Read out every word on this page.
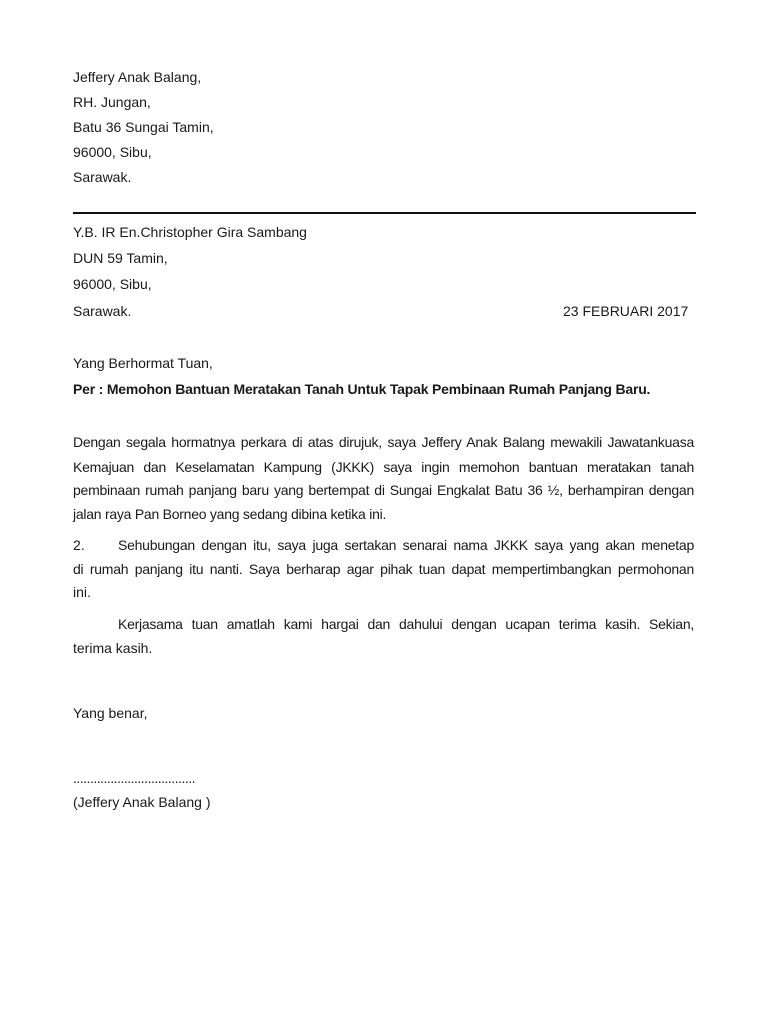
Jeffery Anak Balang,
RH. Jungan,
Batu 36 Sungai Tamin,
96000, Sibu,
Sarawak.
Y.B. IR En.Christopher Gira Sambang
DUN 59 Tamin,
96000, Sibu,
Sarawak.	23 FEBRUARI 2017
Yang Berhormat Tuan,
Per : Memohon Bantuan Meratakan Tanah Untuk Tapak Pembinaan Rumah Panjang Baru.
Dengan segala hormatnya perkara di atas dirujuk, saya Jeffery Anak Balang mewakili Jawatankuasa
Kemajuan dan Keselamatan Kampung (JKKK) saya ingin memohon bantuan meratakan tanah
pembinaan rumah panjang baru yang bertempat di Sungai Engkalat Batu 36 ½, berhampiran dengan
jalan raya Pan Borneo yang sedang dibina ketika ini.
2. Sehubungan dengan itu, saya juga sertakan senarai nama JKKK saya yang akan menetap
di rumah panjang itu nanti. Saya berharap agar pihak tuan dapat mempertimbangkan permohonan
ini.
Kerjasama tuan amatlah kami hargai dan dahului dengan ucapan terima kasih. Sekian,
terima kasih.
Yang benar,
....................................
(Jeffery Anak Balang )
